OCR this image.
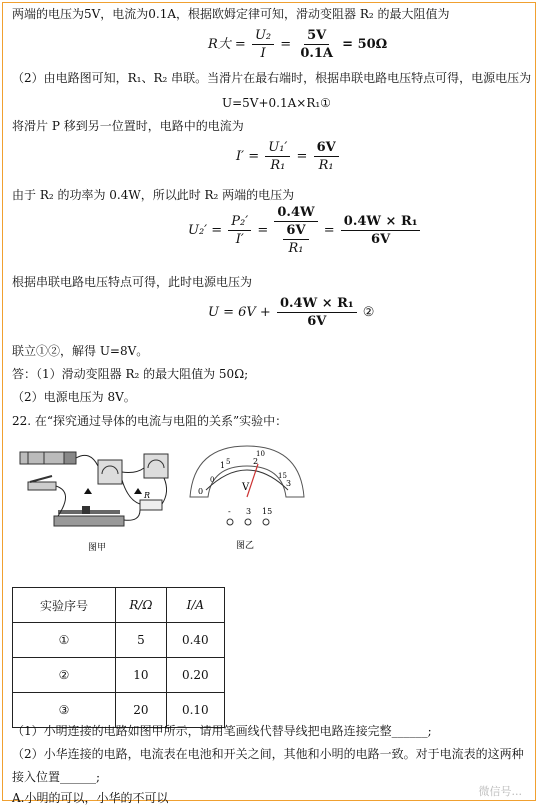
两端的电压为5V，电流为0.1A，根据欧姆定律可知，滑动变阻器 R₂ 的最大阻值为
R大 = $\frac{\text{U₂}}{I} = \frac{5V}{0.1A} = 50\Omega$
（2）由电路图可知，R₁、R₂ 串联。当滑片在最右端时，根据串联电路电压特点可得，电源电压为
U=5V+0.1A×R₁①
将滑片 P 移到另一位置时，电路中的电流为
$I' = \frac{\text{U₁′}}{\text{R₁}} = \frac{6V}{\text{R₁}}$
由于 R₂ 的功率为 0.4W，所以此时 R₂ 两端的电压为
$U_2' = \frac{\text{P₂′}}{I'} = \frac{0.4W}{\frac{6V}{\text{R₁}}} = \frac{\text{0.4W × R₁}}{6V}$
根据串联电路电压特点可得，此时电源电压为
$U = 6V + \frac{\text{0.4W × R₁}}{6V}$ ②
联立①②，解得 U=8V。
答：（1）滑动变阻器 R₂ 的最大阻值为 50Ω;
（2）电源电压为 8V。
22. 在“探究通过导体的电流与电阻的关系”实验中：
R
图甲
0
1	2
3
0
5
10
15
V
- 3 15
图乙
实验序号	R/Ω	I/A
①	5	0.40
②	10	0.20
③	20	0.10
（1）小明连接的电路如图甲所示，请用笔画线代替导线把电路连接完整______;
（2）小华连接的电路，电流表在电池和开关之间，其他和小明的电路一致。对于电流表的这两种
接入位置______;
A.小明的可以，小华的不可以	微信号...
